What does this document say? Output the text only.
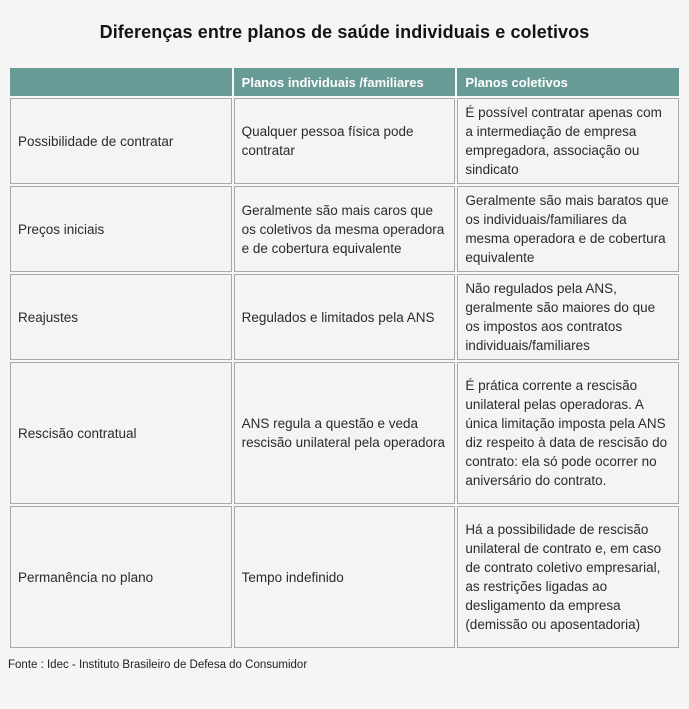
Diferenças entre planos de saúde individuais e coletivos
	Planos individuais /familiares	Planos coletivos
Possibilidade de contratar	Qualquer pessoa física pode contratar	É possível contratar apenas com a intermediação de empresa empregadora, associação ou sindicato
Preços iniciais	Geralmente são mais caros que os coletivos da mesma operadora e de cobertura equivalente	Geralmente são mais baratos que os individuais/familiares da mesma operadora e de cobertura equivalente
Reajustes	Regulados e limitados pela ANS	Não regulados pela ANS, geralmente são maiores do que os impostos aos contratos individuais/familiares
Rescisão contratual	ANS regula a questão e veda rescisão unilateral pela operadora	É prática corrente a rescisão unilateral pelas operadoras. A única limitação imposta pela ANS diz respeito à data de rescisão do contrato: ela só pode ocorrer no aniversário do contrato.
Permanência no plano	Tempo indefinido	Há a possibilidade de rescisão unilateral de contrato e, em caso de contrato coletivo empresarial, as restrições ligadas ao desligamento da empresa (demissão ou aposentadoria)

Fonte : Idec - Instituto Brasileiro de Defesa do Consumidor
